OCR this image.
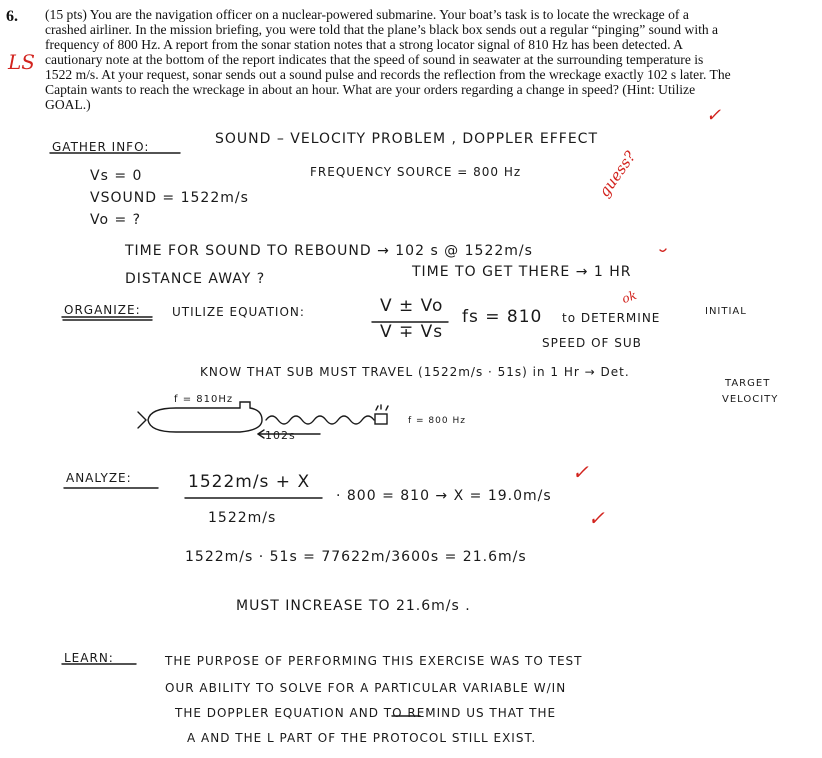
6. (15 pts) You are the navigation officer on a nuclear-powered submarine. Your boat’s task is to locate the wreckage of a
crashed airliner. In the mission briefing, you were told that the plane’s black box sends out a regular “pinging” sound with a
frequency of 800 Hz. A report from the sonar station notes that a strong locator signal of 810 Hz has been detected. A
cautionary note at the bottom of the report indicates that the speed of sound in seawater at the surrounding temperature is
1522 m/s. At your request, sonar sends out a sound pulse and records the reflection from the wreckage exactly 102 s later. The
Captain wants to reach the wreckage in about an hour. What are your orders regarding a change in speed? (Hint: Utilize
GOAL.)
LS
guess?
ok
✓
✓
✓
GATHER INFO:	SOUND – VELOCITY PROBLEM , DOPPLER EFFECT
Vs = 0	FREQUENCY SOURCE = 800 Hz
VSOUND = 1522m/s
Vo = ?
TIME FOR SOUND TO REBOUND → 102 s @ 1522m/s
DISTANCE AWAY ?	TIME TO GET THERE → 1 HR
ORGANIZE:	UTILIZE EQUATION:	V ± Vo
V ∓ Vs
fs = 810 to DETERMINE	INITIAL
SPEED OF SUB
KNOW THAT SUB MUST TRAVEL (1522m/s · 51s) in 1 Hr → Det.
TARGET
VELOCITY
f = 810Hz
f = 800 Hz
102s
ANALYZE:	1522m/s + X
1522m/s
· 800 = 810 → X = 19.0m/s
1522m/s · 51s = 77622m/3600s = 21.6m/s
MUST INCREASE TO 21.6m/s .
LEARN:	THE PURPOSE OF PERFORMING THIS EXERCISE WAS TO TEST
OUR ABILITY TO SOLVE FOR A PARTICULAR VARIABLE W/IN
THE DOPPLER EQUATION AND TO REMIND US THAT THE
A AND THE L PART OF THE PROTOCOL STILL EXIST.
